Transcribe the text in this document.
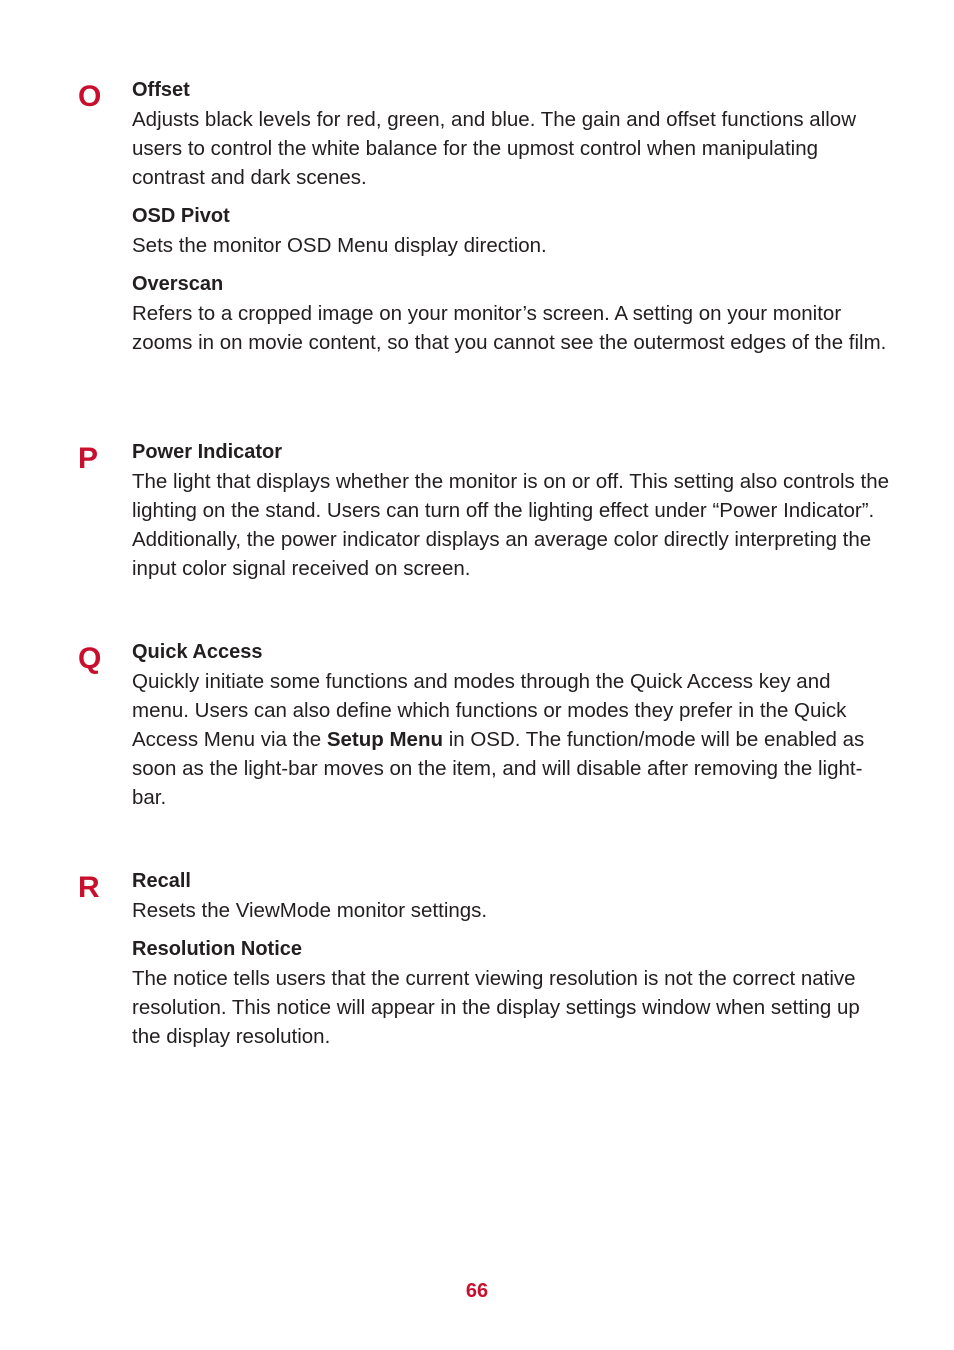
O Offset

Adjusts black levels for red, green, and blue. The gain and offset functions allow users to control the white balance for the upmost control when manipulating contrast and dark scenes.

OSD Pivot

Sets the monitor OSD Menu display direction.

Overscan

Refers to a cropped image on your monitor’s screen. A setting on your monitor zooms in on movie content, so that you cannot see the outermost edges of the film.

P Power Indicator

The light that displays whether the monitor is on or off. This setting also controls the lighting on the stand. Users can turn off the lighting effect under “Power Indicator”. Additionally, the power indicator displays an average color directly interpreting the input color signal received on screen.

Q Quick Access

Quickly initiate some functions and modes through the Quick Access key and menu. Users can also define which functions or modes they prefer in the Quick Access Menu via the Setup Menu in OSD. The function/mode will be enabled as soon as the light-bar moves on the item, and will disable after removing the light-bar.

R Recall

Resets the ViewMode monitor settings.

Resolution Notice

The notice tells users that the current viewing resolution is not the correct native resolution. This notice will appear in the display settings window when setting up the display resolution.

66
